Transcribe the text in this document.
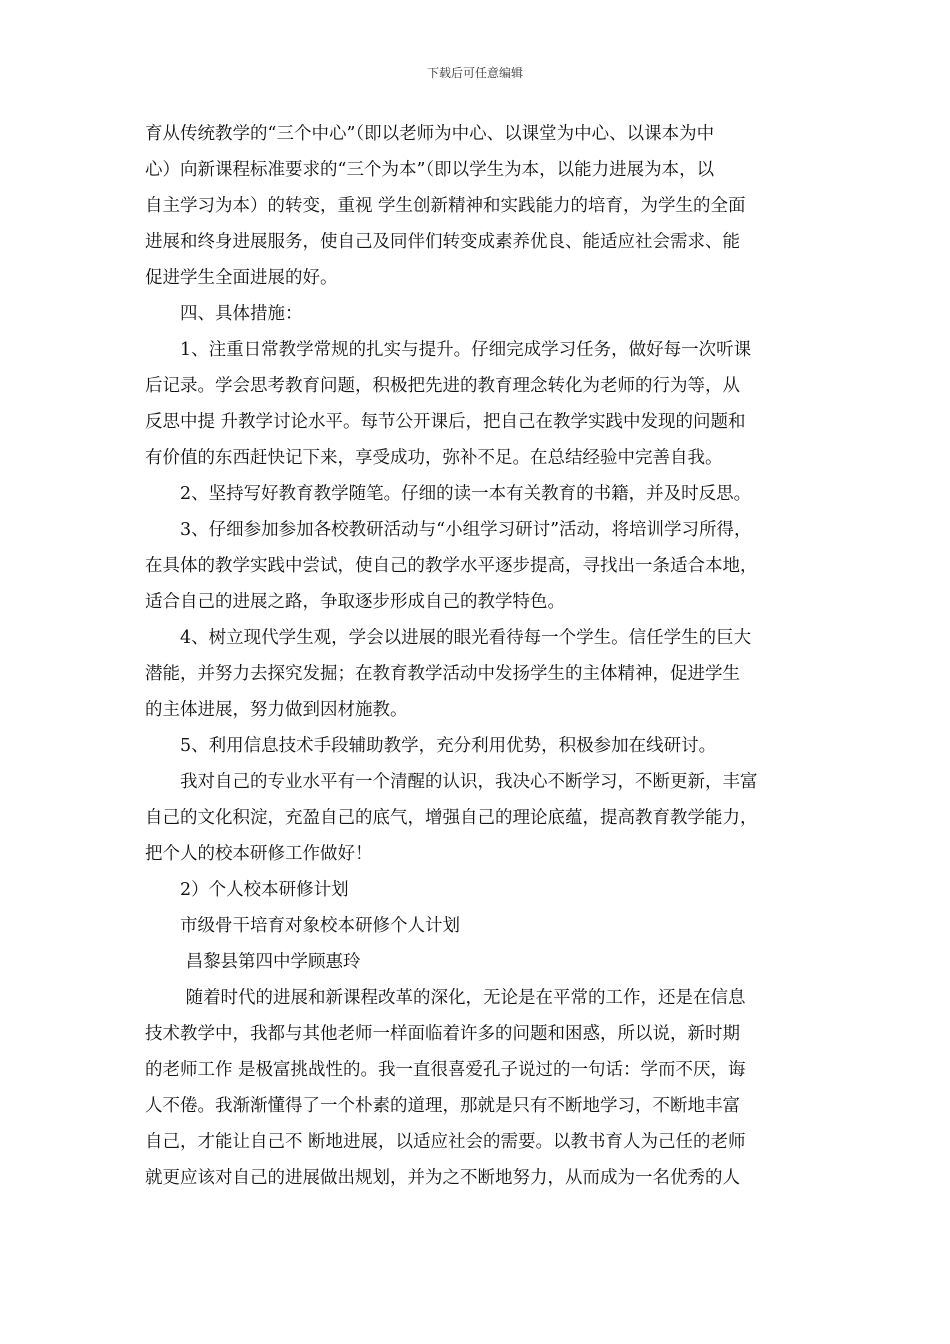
下载后可任意编辑
育从传统教学的“三个中心”（即以老师为中心、以课堂为中心、以课本为中
心）向新课程标准要求的“三个为本”（即以学生为本，以能力进展为本，以
自主学习为本）的转变，重视 学生创新精神和实践能力的培育，为学生的全面
进展和终身进展服务，使自己及同伴们转变成素养优良、能适应社会需求、能
促进学生全面进展的好。
　　四、具体措施：
　　1、注重日常教学常规的扎实与提升。仔细完成学习任务，做好每一次听课
后记录。学会思考教育问题，积极把先进的教育理念转化为老师的行为等，从
反思中提 升教学讨论水平。每节公开课后，把自己在教学实践中发现的问题和
有价值的东西赶快记下来，享受成功，弥补不足。在总结经验中完善自我。
　　2、坚持写好教育教学随笔。仔细的读一本有关教育的书籍，并及时反思。
　　3、仔细参加参加各校教研活动与“小组学习研讨”活动，将培训学习所得，
在具体的教学实践中尝试，使自己的教学水平逐步提高，寻找出一条适合本地，
适合自己的进展之路，争取逐步形成自己的教学特色。
　　4、树立现代学生观，学会以进展的眼光看待每一个学生。信任学生的巨大
潜能，并努力去探究发掘；在教育教学活动中发扬学生的主体精神，促进学生
的主体进展，努力做到因材施教。
　　5、利用信息技术手段辅助教学，充分利用优势，积极参加在线研讨。
　　我对自己的专业水平有一个清醒的认识，我决心不断学习，不断更新，丰富
自己的文化积淀，充盈自己的底气，增强自己的理论底蕴，提高教育教学能力，
把个人的校本研修工作做好！
　　2）个人校本研修计划
　　市级骨干培育对象校本研修个人计划
　　 昌黎县第四中学顾惠玲
　　 随着时代的进展和新课程改革的深化，无论是在平常的工作，还是在信息
技术教学中，我都与其他老师一样面临着许多的问题和困惑，所以说，新时期
的老师工作 是极富挑战性的。我一直很喜爱孔子说过的一句话：学而不厌，诲
人不倦。我渐渐懂得了一个朴素的道理，那就是只有不断地学习，不断地丰富
自己，才能让自己不 断地进展，以适应社会的需要。以教书育人为己任的老师
就更应该对自己的进展做出规划，并为之不断地努力，从而成为一名优秀的人
